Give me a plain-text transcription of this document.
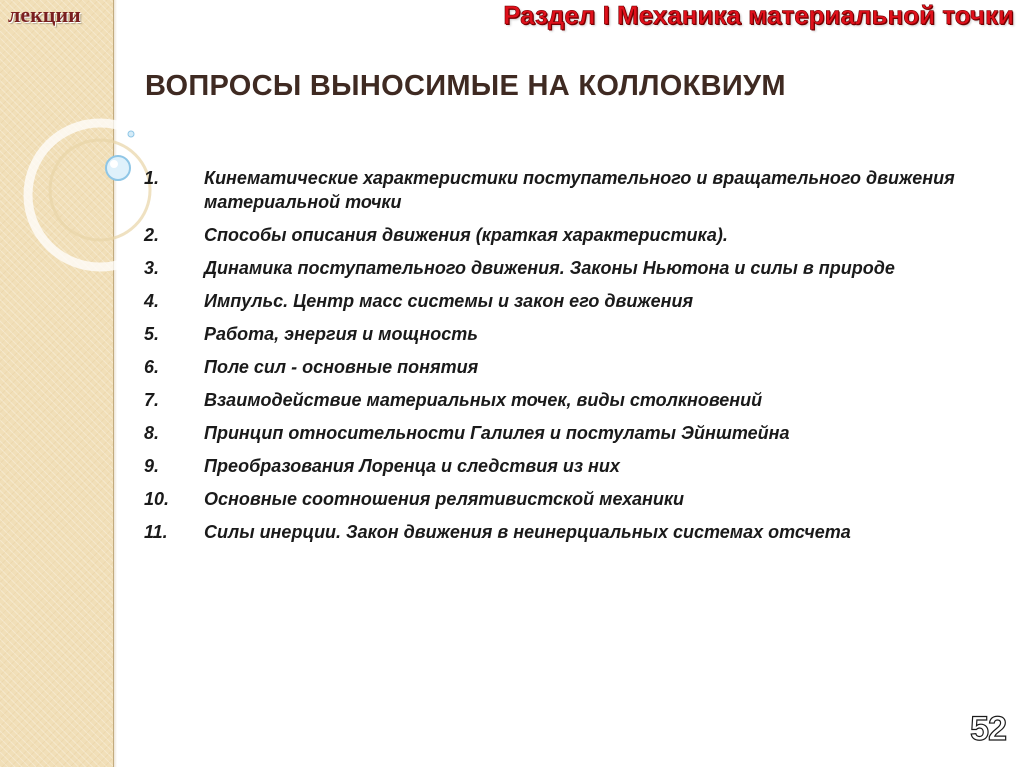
лекции	Раздел I Механика материальной точки
ВОПРОСЫ ВЫНОСИМЫЕ НА КОЛЛОКВИУМ
1. Кинематические характеристики поступательного и вращательного движения материальной точки
2. Способы описания движения (краткая характеристика).
3. Динамика поступательного движения. Законы Ньютона и силы в природе
4. Импульс. Центр масс системы и закон его движения
5. Работа, энергия и мощность
6. Поле сил - основные понятия
7. Взаимодействие материальных точек, виды столкновений
8. Принцип относительности Галилея и постулаты Эйнштейна
9. Преобразования Лоренца и следствия из них
10. Основные соотношения релятивистской механики
11. Силы инерции. Закон движения в неинерциальных системах отсчета
52
